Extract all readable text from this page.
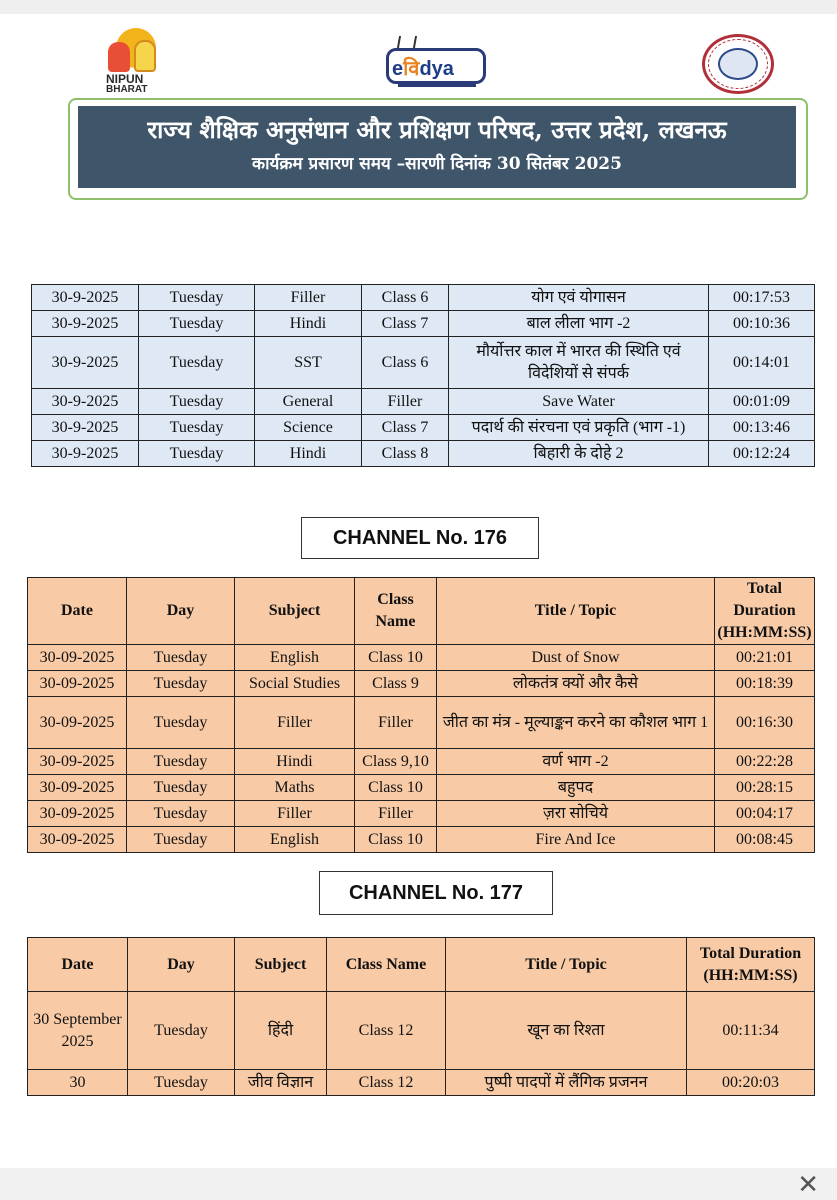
NIPUN
BHARAT
eविdya
राज्य शैक्षिक अनुसंधान और प्रशिक्षण परिषद, उत्तर प्रदेश, लखनऊ
कार्यक्रम प्रसारण समय –सारणी दिनांक 30 सितंबर 2025
30-9-2025	Tuesday	Filler	Class 6	योग एवं योगासन	00:17:53
30-9-2025	Tuesday	Hindi	Class 7	बाल लीला भाग -2	00:10:36
30-9-2025	Tuesday	SST	Class 6	मौर्योत्तर काल में भारत की स्थिति एवं विदेशियों से संपर्क	00:14:01
30-9-2025	Tuesday	General	Filler	Save Water	00:01:09
30-9-2025	Tuesday	Science	Class 7	पदार्थ की संरचना एवं प्रकृति (भाग -1)	00:13:46
30-9-2025	Tuesday	Hindi	Class 8	बिहारी के दोहे 2	00:12:24
CHANNEL No. 176
Date	Day	Subject	Class Name	Title / Topic	Total Duration (HH:MM:SS)
30-09-2025	Tuesday	English	Class 10	Dust of Snow	00:21:01
30-09-2025	Tuesday	Social Studies	Class 9	लोकतंत्र क्यों और कैसे	00:18:39
30-09-2025	Tuesday	Filler	Filler	जीत का मंत्र - मूल्याङ्कन करने का कौशल भाग 1	00:16:30
30-09-2025	Tuesday	Hindi	Class 9,10	वर्ण भाग -2	00:22:28
30-09-2025	Tuesday	Maths	Class 10	बहुपद	00:28:15
30-09-2025	Tuesday	Filler	Filler	ज़रा सोचिये	00:04:17
30-09-2025	Tuesday	English	Class 10	Fire And Ice	00:08:45
CHANNEL No. 177
Date	Day	Subject	Class Name	Title / Topic	Total Duration (HH:MM:SS)
30 September 2025	Tuesday	हिंदी	Class 12	खून का रिश्ता	00:11:34
30	Tuesday	जीव विज्ञान	Class 12	पुष्पी पादपों में लैंगिक प्रजनन	00:20:03
✕
